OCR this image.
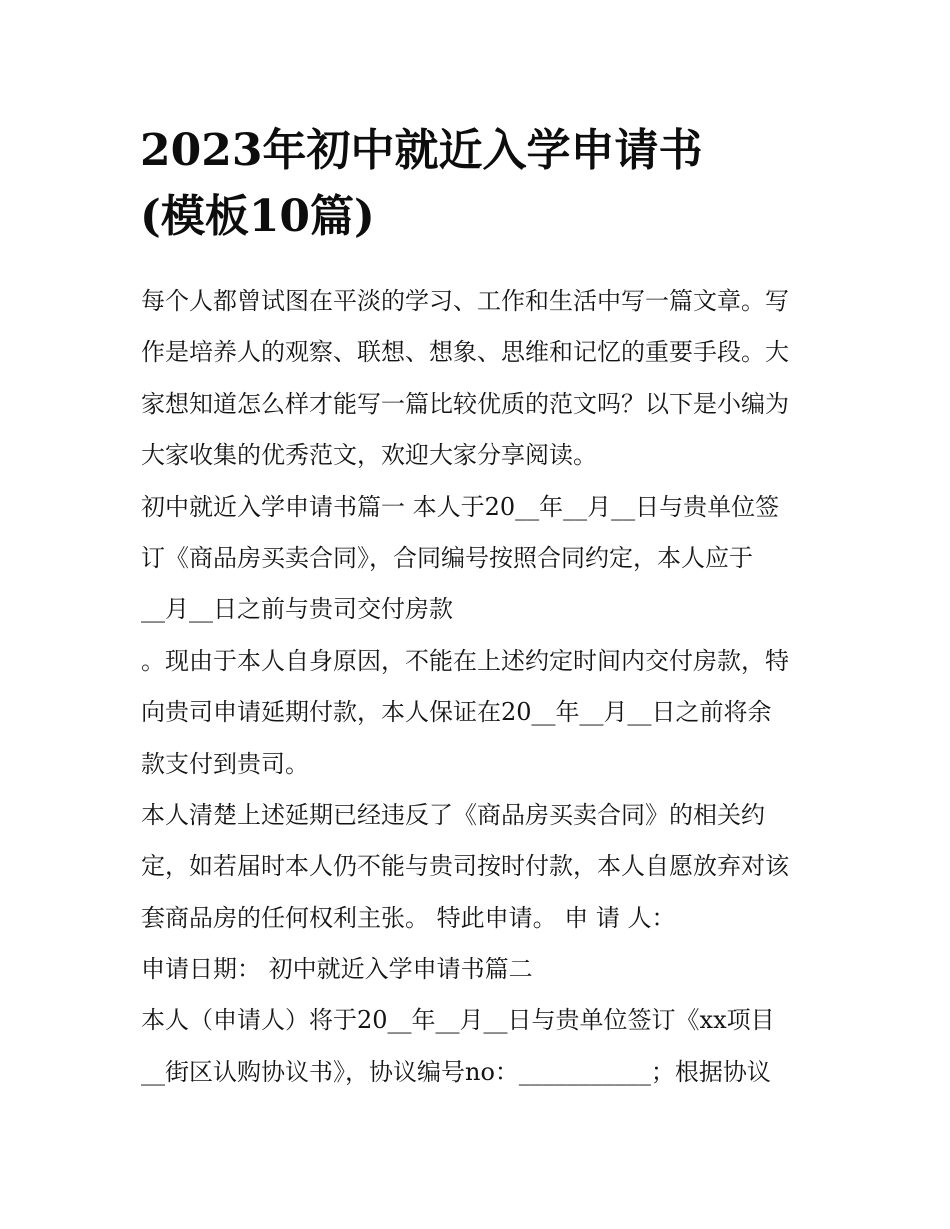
2023年初中就近入学申请书
(模板10篇)
每个人都曾试图在平淡的学习、工作和生活中写一篇文章。写
作是培养人的观察、联想、想象、思维和记忆的重要手段。大
家想知道怎么样才能写一篇比较优质的范文吗？以下是小编为
大家收集的优秀范文，欢迎大家分享阅读。
初中就近入学申请书篇一 本人于20__年__月__日与贵单位签
订《商品房买卖合同》，合同编号按照合同约定，本人应于
__月__日之前与贵司交付房款
。现由于本人自身原因，不能在上述约定时间内交付房款，特
向贵司申请延期付款，本人保证在20__年__月__日之前将余
款支付到贵司。
本人清楚上述延期已经违反了《商品房买卖合同》的相关约
定，如若届时本人仍不能与贵司按时付款，本人自愿放弃对该
套商品房的任何权利主张。 特此申请。 申 请 人：
申请日期： 初中就近入学申请书篇二
本人（申请人）将于20__年__月__日与贵单位签订《xx项目
__街区认购协议书》，协议编号no：___________；根据协议
